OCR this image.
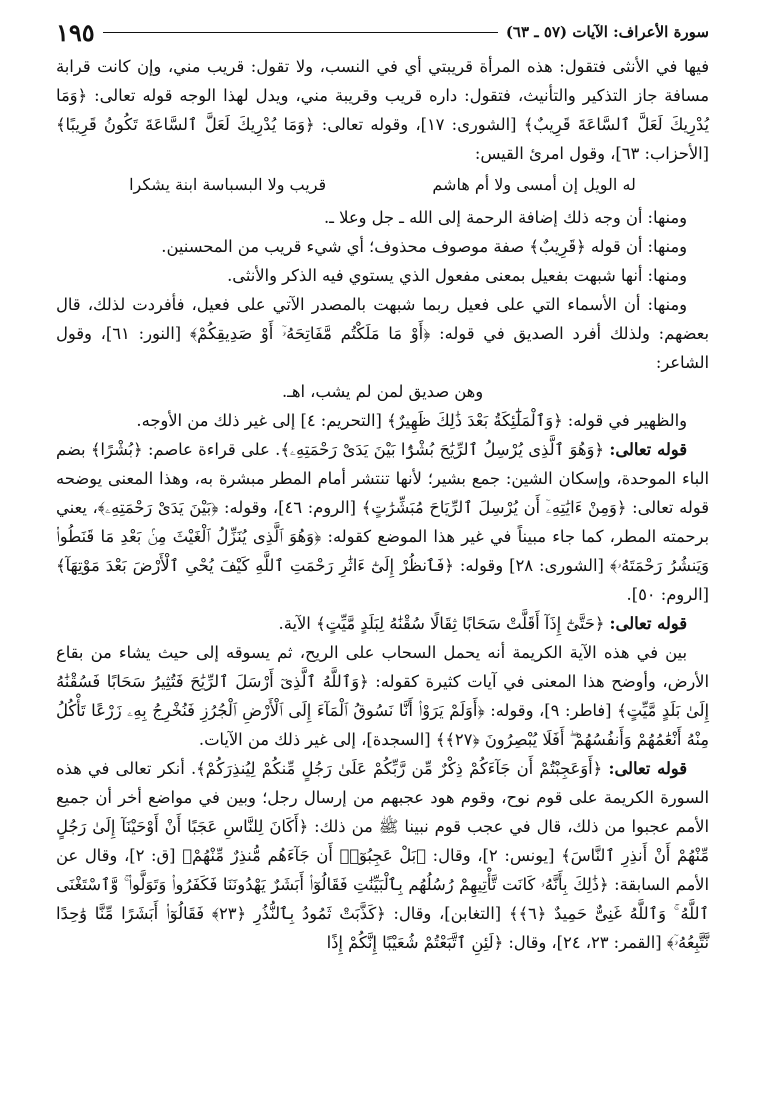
سورة الأعراف: الآيات (٥٧ ـ ٦٣)
١٩٥

فيها في الأنثى فتقول: هذه المرأة قريبتي أي في النسب، ولا تقول: قريب مني، وإن كانت قرابة مسافة جاز التذكير والتأنيث، فتقول: داره قريب وقريبة مني، ويدل لهذا الوجه قوله تعالى: ﴿وَمَا يُدْرِيكَ لَعَلَّ ٱلسَّاعَةَ قَرِيبٌ﴾ [الشورى: ١٧]، وقوله تعالى: ﴿وَمَا يُدْرِيكَ لَعَلَّ ٱلسَّاعَةَ تَكُونُ قَرِيبًا﴾ [الأحزاب: ٦٣]، وقول امرئ القيس:

له الويل إن أمسى ولا أم هاشم
قريب ولا البسباسة ابنة يشكرا

ومنها: أن وجه ذلك إضافة الرحمة إلى الله ـ جل وعلا ـ.

ومنها: أن قوله ﴿قَرِيبٌ﴾ صفة موصوف محذوف؛ أي شيء قريب من المحسنين.

ومنها: أنها شبهت بفعيل بمعنى مفعول الذي يستوي فيه الذكر والأنثى.

ومنها: أن الأسماء التي على فعيل ربما شبهت بالمصدر الآتي على فعيل، فأفردت لذلك، قال بعضهم: ولذلك أفرد الصديق في قوله: ﴿أَوْ مَا مَلَكْتُم مَّفَاتِحَهُۥٓ أَوْ صَدِيقِكُمْ﴾ [النور: ٦١]، وقول الشاعر:

وهن صديق لمن لم يشب، اهـ.

والظهير في قوله: ﴿وَٱلْمَلَٰٓئِكَةُ بَعْدَ ذَٰلِكَ ظَهِيرٌ﴾ [التحريم: ٤] إلى غير ذلك من الأوجه.

قوله تعالى: ﴿وَهُوَ ٱلَّذِى يُرْسِلُ ٱلرِّيَٰحَ بُشْرًۢا بَيْنَ يَدَىْ رَحْمَتِهِۦ﴾. على قراءة عاصم: ﴿بُشْرًا﴾ بضم الباء الموحدة، وإسكان الشين: جمع بشير؛ لأنها تنتشر أمام المطر مبشرة به، وهذا المعنى يوضحه قوله تعالى: ﴿وَمِنْ ءَايَٰتِهِۦٓ أَن يُرْسِلَ ٱلرِّيَاحَ مُبَشِّرَٰتٍ﴾ [الروم: ٤٦]، وقوله: ﴿بَيْنَ يَدَىْ رَحْمَتِهِۦ﴾، يعني برحمته المطر، كما جاء مبيناً في غير هذا الموضع كقوله: ﴿وَهُوَ ٱلَّذِى يُنَزِّلُ ٱلْغَيْثَ مِنۢ بَعْدِ مَا قَنَطُوا۟ وَيَنشُرُ رَحْمَتَهُۥ﴾ [الشورى: ٢٨] وقوله: ﴿فَٱنظُرْ إِلَىٰٓ ءَاثَٰرِ رَحْمَتِ ٱللَّهِ كَيْفَ يُحْىِ ٱلْأَرْضَ بَعْدَ مَوْتِهَآ﴾ [الروم: ٥٠].

قوله تعالى: ﴿حَتَّىٰٓ إِذَآ أَقَلَّتْ سَحَابًا ثِقَالًا سُقْنَٰهُ لِبَلَدٍ مَّيِّتٍ﴾ الآية.

بين في هذه الآية الكريمة أنه يحمل السحاب على الريح، ثم يسوقه إلى حيث يشاء من بقاع الأرض، وأوضح هذا المعنى في آيات كثيرة كقوله: ﴿وَٱللَّهُ ٱلَّذِىٓ أَرْسَلَ ٱلرِّيَٰحَ فَتُثِيرُ سَحَابًا فَسُقْنَٰهُ إِلَىٰ بَلَدٍ مَّيِّتٍ﴾ [فاطر: ٩]، وقوله: ﴿أَوَلَمْ يَرَوْا۟ أَنَّا نَسُوقُ ٱلْمَآءَ إِلَى ٱلْأَرْضِ ٱلْجُرُزِ فَنُخْرِجُ بِهِۦ زَرْعًا تَأْكُلُ مِنْهُ أَنْعَٰمُهُمْ وَأَنفُسُهُمْ ۖ أَفَلَا يُبْصِرُونَ ﴿٢٧﴾﴾ [السجدة]، إلى غير ذلك من الآيات.

قوله تعالى: ﴿أَوَعَجِبْتُمْ أَن جَآءَكُمْ ذِكْرٌ مِّن رَّبِّكُمْ عَلَىٰ رَجُلٍ مِّنكُمْ لِيُنذِرَكُمْ﴾. أنكر تعالى في هذه السورة الكريمة على قوم نوح، وقوم هود عجبهم من إرسال رجل؛ وبين في مواضع أخر أن جميع الأمم عجبوا من ذلك، قال في عجب قوم نبينا ﷺ من ذلك: ﴿أَكَانَ لِلنَّاسِ عَجَبًا أَنْ أَوْحَيْنَآ إِلَىٰ رَجُلٍ مِّنْهُمْ أَنْ أَنذِرِ ٱلنَّاسَ﴾ [يونس: ٢]، وقال: ﴿بَلْ عَجِبُوٓا۟ أَن جَآءَهُم مُّنذِرٌ مِّنْهُمْ﴾ [ق: ٢]، وقال عن الأمم السابقة: ﴿ذَٰلِكَ بِأَنَّهُۥ كَانَت تَّأْتِيهِمْ رُسُلُهُم بِٱلْبَيِّنَٰتِ فَقَالُوٓا۟ أَبَشَرٌ يَهْدُونَنَا فَكَفَرُوا۟ وَتَوَلَّوا۟ ۚ وَّٱسْتَغْنَى ٱللَّهُ ۚ وَٱللَّهُ غَنِىٌّ حَمِيدٌ ﴿٦﴾﴾ [التغابن]، وقال: ﴿كَذَّبَتْ ثَمُودُ بِٱلنُّذُرِ ﴿٢٣﴾ فَقَالُوٓا۟ أَبَشَرًا مِّنَّا وَٰحِدًا نَّتَّبِعُهُۥٓ﴾ [القمر: ٢٣، ٢٤]، وقال: ﴿لَئِنِ ٱتَّبَعْتُمْ شُعَيْبًا إِنَّكُمْ إِذًا
